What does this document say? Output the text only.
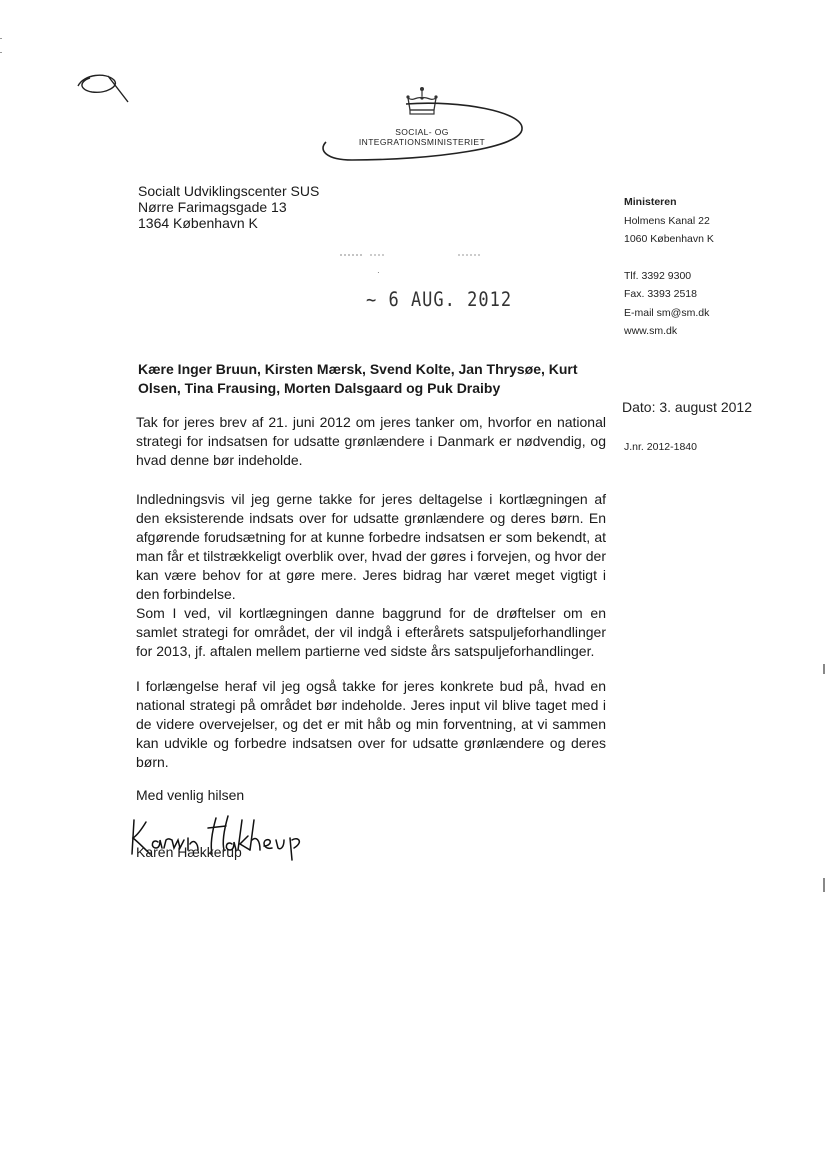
SOCIAL- OG INTEGRATIONSMINISTERIET
Socialt Udviklingscenter SUS
Nørre Farimagsgade 13
1364 København K
·
~ 6 AUG. 2012
Ministeren
Holmens Kanal 22
1060 København K
Tlf. 3392 9300
Fax. 3393 2518
E-mail sm@sm.dk
www.sm.dk
Dato: 3. august 2012
J.nr. 2012-1840
Kære Inger Bruun, Kirsten Mærsk, Svend Kolte, Jan Thrysøe, Kurt Olsen, Tina Frausing, Morten Dalsgaard og Puk Draiby
Tak for jeres brev af 21. juni 2012 om jeres tanker om, hvorfor en national strategi for indsatsen for udsatte grønlændere i Danmark er nødvendig, og hvad denne bør indeholde.
Indledningsvis vil jeg gerne takke for jeres deltagelse i kortlægningen af den eksisterende indsats over for udsatte grønlændere og deres børn. En afgørende forudsætning for at kunne forbedre indsatsen er som bekendt, at man får et tilstrækkeligt overblik over, hvad der gøres i forvejen, og hvor der kan være behov for at gøre mere. Jeres bidrag har været meget vigtigt i den forbindelse.
Som I ved, vil kortlægningen danne baggrund for de drøftelser om en samlet strategi for området, der vil indgå i efterårets satspuljeforhandlinger for 2013, jf. aftalen mellem partierne ved sidste års satspuljeforhandlinger.
I forlængelse heraf vil jeg også takke for jeres konkrete bud på, hvad en national strategi på området bør indeholde. Jeres input vil blive taget med i de videre overvejelser, og det er mit håb og min forventning, at vi sammen kan udvikle og forbedre indsatsen over for udsatte grønlændere og deres børn.
Med venlig hilsen
Karen Hækkerup
